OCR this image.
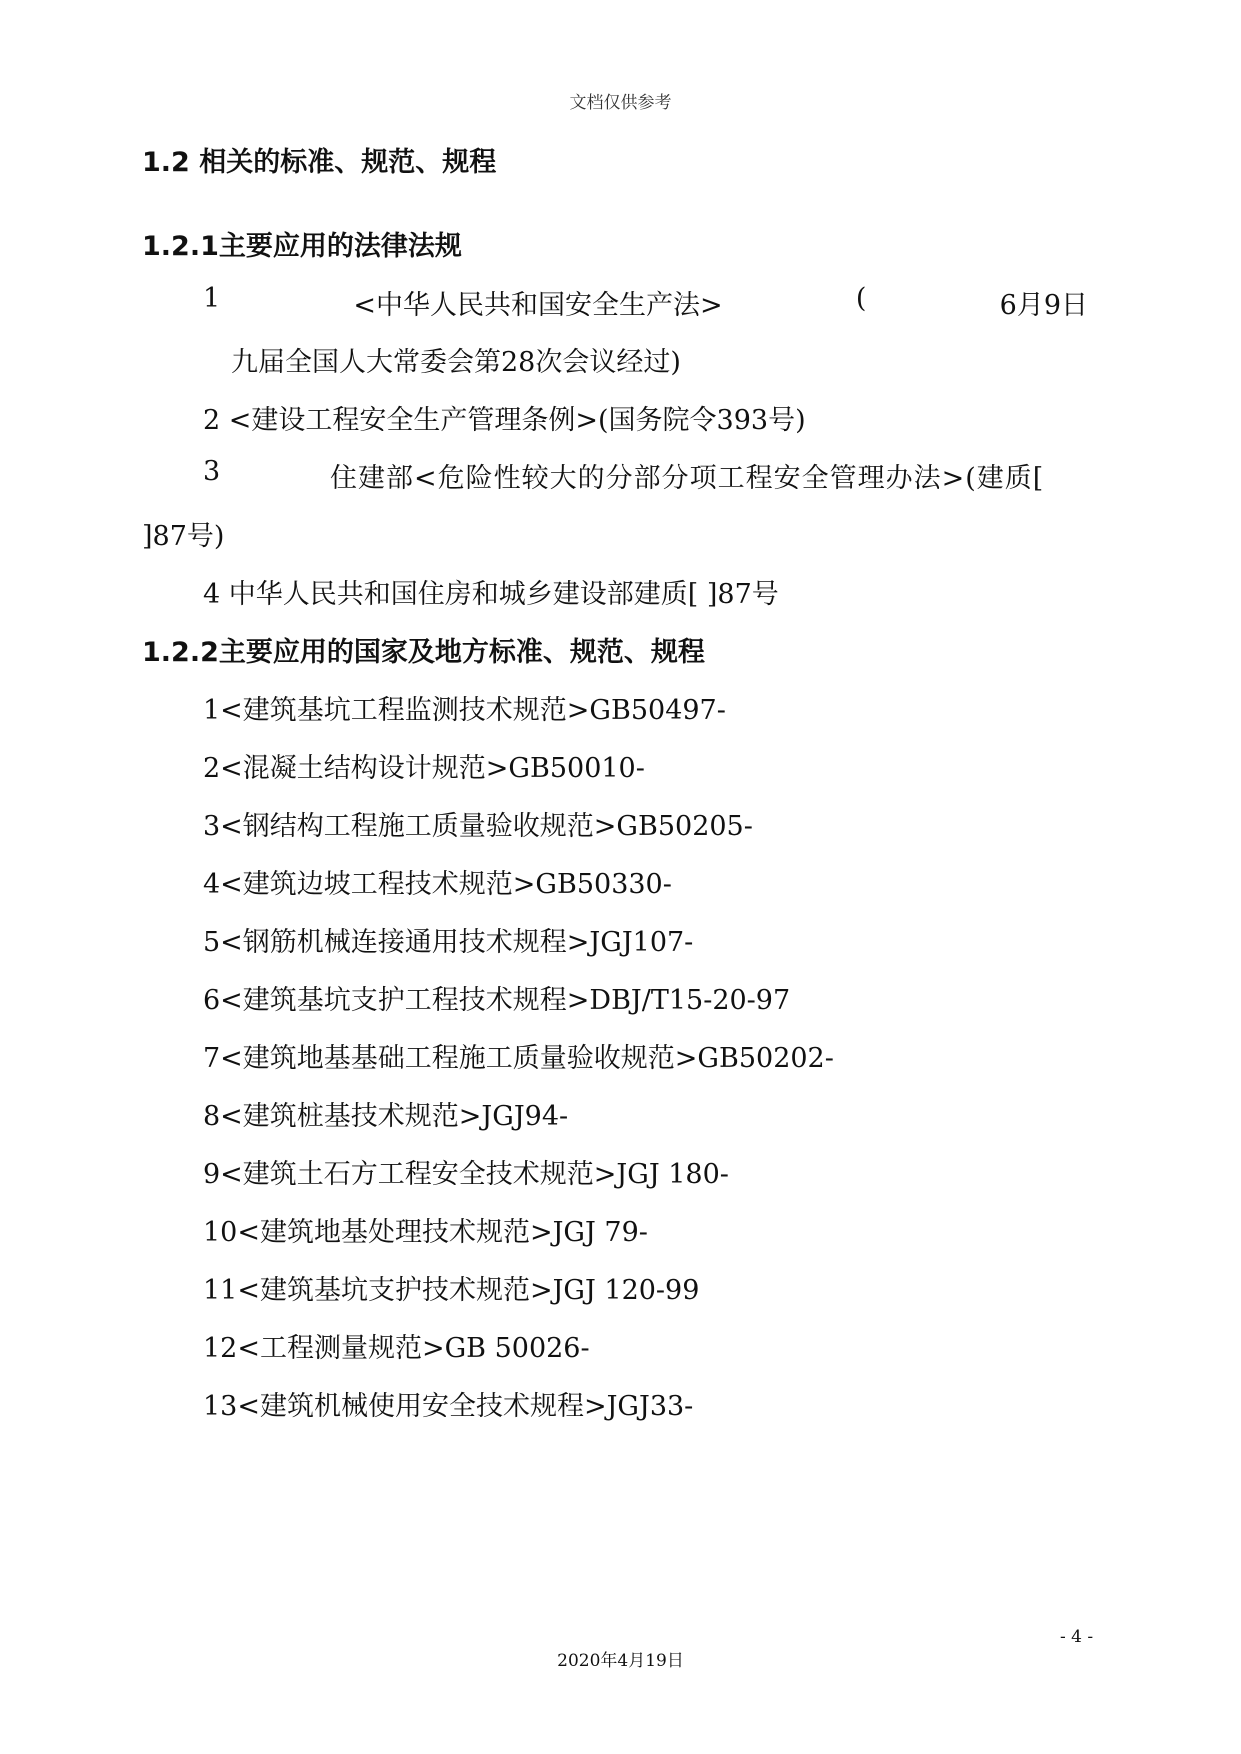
文档仅供参考
1.2 相关的标准、规范、规程
1.2.1主要应用的法律法规
1	<中华人民共和国安全生产法>	(	6月9日
九届全国人大常委会第28次会议经过)
2 <建设工程安全生产管理条例>(国务院令393号)
3	住建部<危险性较大的分部分项工程安全管理办法>(建质[
]87号)
4 中华人民共和国住房和城乡建设部建质[ ]87号
1.2.2主要应用的国家及地方标准、规范、规程
1<建筑基坑工程监测技术规范>GB50497-
2<混凝土结构设计规范>GB50010-
3<钢结构工程施工质量验收规范>GB50205-
4<建筑边坡工程技术规范>GB50330-
5<钢筋机械连接通用技术规程>JGJ107-
6<建筑基坑支护工程技术规程>DBJ/T15-20-97
7<建筑地基基础工程施工质量验收规范>GB50202-
8<建筑桩基技术规范>JGJ94-
9<建筑土石方工程安全技术规范>JGJ 180-
10<建筑地基处理技术规范>JGJ 79-
11<建筑基坑支护技术规范>JGJ 120-99
12<工程测量规范>GB 50026-
13<建筑机械使用安全技术规程>JGJ33-
- 4 -
2020年4月19日
